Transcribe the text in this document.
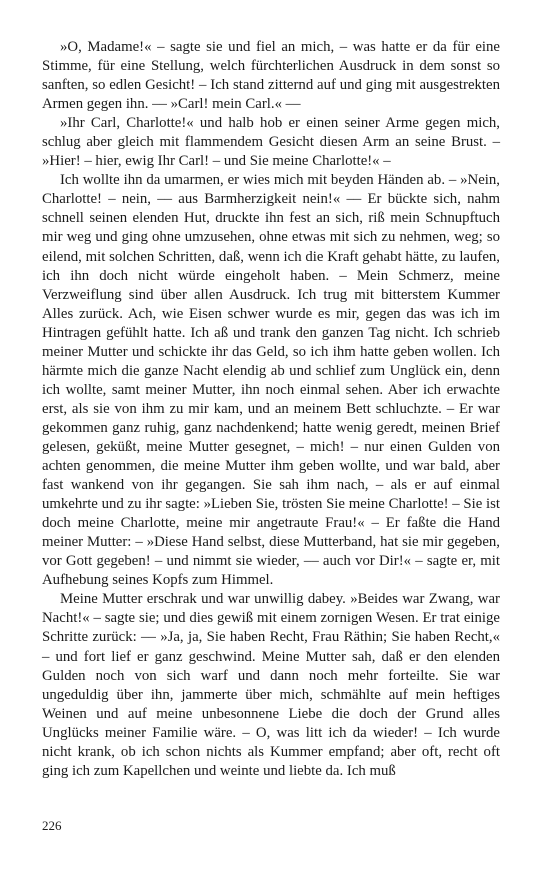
»O, Madame!« – sagte sie und fiel an mich, – was hatte er da für eine Stimme, für eine Stellung, welch fürchterlichen Ausdruck in dem sonst so sanften, so edlen Gesicht! – Ich stand zitternd auf und ging mit ausgestrekten Armen gegen ihn. –– »Carl! mein Carl.« ––

»Ihr Carl, Charlotte!« und halb hob er einen seiner Arme gegen mich, schlug aber gleich mit flammendem Gesicht diesen Arm an seine Brust. – »Hier! – hier, ewig Ihr Carl! – und Sie meine Charlotte!« –

Ich wollte ihn da umarmen, er wies mich mit beyden Händen ab. – »Nein, Charlotte! – nein, –– aus Barmherzigkeit nein!« –– Er bückte sich, nahm schnell seinen elenden Hut, druckte ihn fest an sich, riß mein Schnupftuch mir weg und ging ohne umzusehen, ohne etwas mit sich zu nehmen, weg; so eilend, mit solchen Schritten, daß, wenn ich die Kraft gehabt hätte, zu laufen, ich ihn doch nicht würde eingeholt haben. – Mein Schmerz, meine Verzweiflung sind über allen Ausdruck. Ich trug mit bitterstem Kummer Alles zurück. Ach, wie Eisen schwer wurde es mir, gegen das was ich im Hintragen gefühlt hatte. Ich aß und trank den ganzen Tag nicht. Ich schrieb meiner Mutter und schickte ihr das Geld, so ich ihm hatte geben wollen. Ich härmte mich die ganze Nacht elendig ab und schlief zum Unglück ein, denn ich wollte, samt meiner Mutter, ihn noch einmal sehen. Aber ich erwachte erst, als sie von ihm zu mir kam, und an meinem Bett schluchzte. – Er war gekommen ganz ruhig, ganz nachdenkend; hatte wenig geredt, meinen Brief gelesen, geküßt, meine Mutter gesegnet, – mich! – nur einen Gulden von achten genommen, die meine Mutter ihm geben wollte, und war bald, aber fast wankend von ihr gegangen. Sie sah ihm nach, – als er auf einmal umkehrte und zu ihr sagte: »Lieben Sie, trösten Sie meine Charlotte! – Sie ist doch meine Charlotte, meine mir angetraute Frau!« – Er faßte die Hand meiner Mutter: – »Diese Hand selbst, diese Mutterband, hat sie mir gegeben, vor Gott gegeben! – und nimmt sie wieder, –– auch vor Dir!« – sagte er, mit Aufhebung seines Kopfs zum Himmel.

Meine Mutter erschrak und war unwillig dabey. »Beides war Zwang, war Nacht!« – sagte sie; und dies gewiß mit einem zornigen Wesen. Er trat einige Schritte zurück: –– »Ja, ja, Sie haben Recht, Frau Räthin; Sie haben Recht,« – und fort lief er ganz geschwind. Meine Mutter sah, daß er den elenden Gulden noch von sich warf und dann noch mehr forteilte. Sie war ungeduldig über ihn, jammerte über mich, schmählte auf mein heftiges Weinen und auf meine unbesonnene Liebe die doch der Grund alles Unglücks meiner Familie wäre. – O, was litt ich da wieder! – Ich wurde nicht krank, ob ich schon nichts als Kummer empfand; aber oft, recht oft ging ich zum Kapellchen und weinte und liebte da. Ich muß

226
